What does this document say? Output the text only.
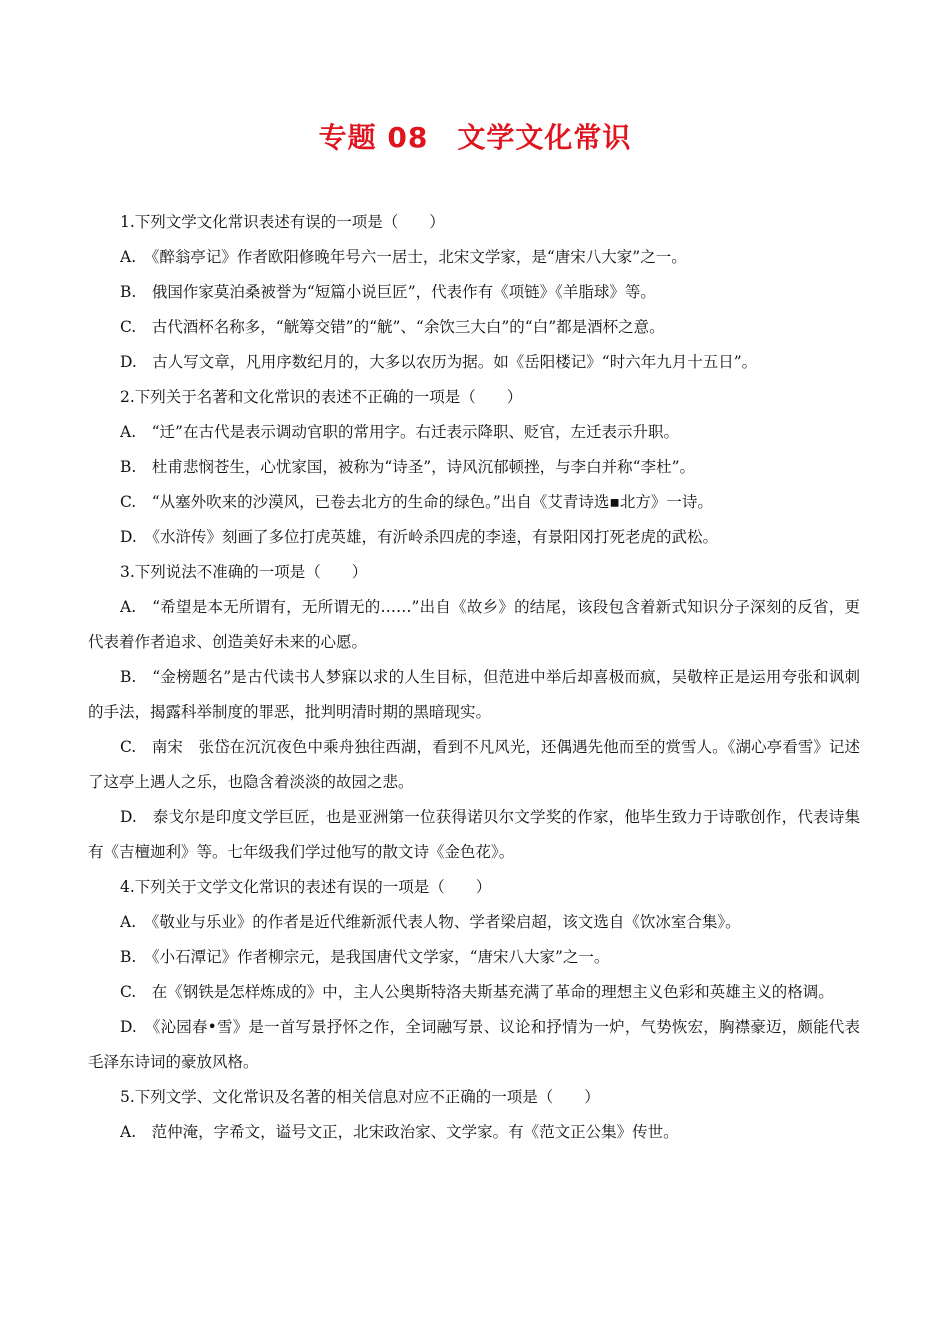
专题 08　文学文化常识

1.下列文学文化常识表述有误的一项是（　　）

A.　《醉翁亭记》作者欧阳修晚年号六一居士，北宋文学家，是“唐宋八大家”之一。

B.　俄国作家莫泊桑被誉为“短篇小说巨匠”，代表作有《项链》《羊脂球》等。

C.　古代酒杯名称多，“觥筹交错”的“觥”、“余饮三大白”的“白”都是酒杯之意。

D.　古人写文章，凡用序数纪月的，大多以农历为据。如《岳阳楼记》“时六年九月十五日”。

2.下列关于名著和文化常识的表述不正确的一项是（　　）

A.　“迁”在古代是表示调动官职的常用字。右迁表示降职、贬官，左迁表示升职。

B.　杜甫悲悯苍生，心忧家国，被称为“诗圣”，诗风沉郁顿挫，与李白并称“李杜”。

C.　“从塞外吹来的沙漠风，已卷去北方的生命的绿色。”出自《艾青诗选▪北方》一诗。

D.　《水浒传》刻画了多位打虎英雄，有沂岭杀四虎的李逵，有景阳冈打死老虎的武松。

3.下列说法不准确的一项是（　　）

A.　“希望是本无所谓有，无所谓无的……”出自《故乡》的结尾，该段包含着新式知识分子深刻的反省，更代表着作者追求、创造美好未来的心愿。

B.　“金榜题名”是古代读书人梦寐以求的人生目标，但范进中举后却喜极而疯，吴敬梓正是运用夸张和讽刺的手法，揭露科举制度的罪恶，批判明清时期的黑暗现实。

C.　南宋　张岱在沉沉夜色中乘舟独往西湖，看到不凡风光，还偶遇先他而至的赏雪人。《湖心亭看雪》记述了这亭上遇人之乐，也隐含着淡淡的故园之悲。

D.　泰戈尔是印度文学巨匠，也是亚洲第一位获得诺贝尔文学奖的作家，他毕生致力于诗歌创作，代表诗集有《吉檀迦利》等。七年级我们学过他写的散文诗《金色花》。

4.下列关于文学文化常识的表述有误的一项是（　　）

A.　《敬业与乐业》的作者是近代维新派代表人物、学者梁启超，该文选自《饮冰室合集》。

B.　《小石潭记》作者柳宗元，是我国唐代文学家，“唐宋八大家”之一。

C.　在《钢铁是怎样炼成的》中，主人公奥斯特洛夫斯基充满了革命的理想主义色彩和英雄主义的格调。

D.　《沁园春•雪》是一首写景抒怀之作，全词融写景、议论和抒情为一炉，气势恢宏，胸襟豪迈，颇能代表毛泽东诗词的豪放风格。

5.下列文学、文化常识及名著的相关信息对应不正确的一项是（　　）

A.　范仲淹，字希文，谥号文正，北宋政治家、文学家。有《范文正公集》传世。
